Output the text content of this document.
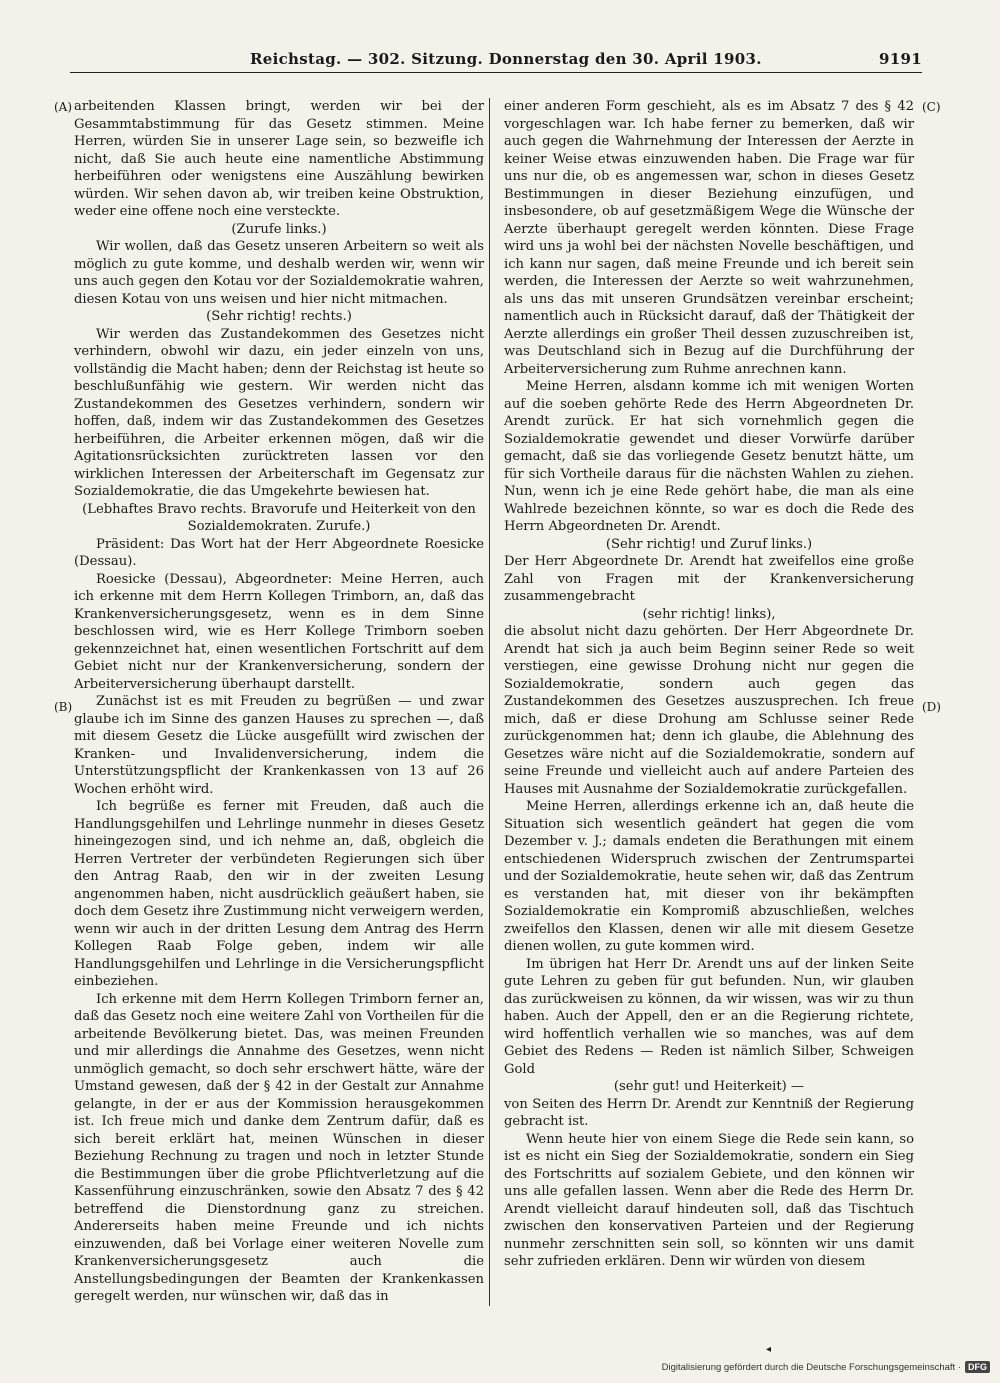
Reichstag. — 302. Sitzung. Donnerstag den 30. April 1903.	9191
(A)
(B)
(C)
(D)

arbeitenden Klassen bringt, werden wir bei der Gesammtabstimmung für das Gesetz stimmen. Meine Herren, würden Sie in unserer Lage sein, so bezweifle ich nicht, daß Sie auch heute eine namentliche Abstimmung herbeiführen oder wenigstens eine Auszählung bewirken würden. Wir sehen davon ab, wir treiben keine Obstruktion, weder eine offene noch eine versteckte.

(Zurufe links.)

Wir wollen, daß das Gesetz unseren Arbeitern so weit als möglich zu gute komme, und deshalb werden wir, wenn wir uns auch gegen den Kotau vor der Sozialdemokratie wahren, diesen Kotau von uns weisen und hier nicht mitmachen.

(Sehr richtig! rechts.)

Wir werden das Zustandekommen des Gesetzes nicht verhindern, obwohl wir dazu, ein jeder einzeln von uns, vollständig die Macht haben; denn der Reichstag ist heute so beschlußunfähig wie gestern. Wir werden nicht das Zustandekommen des Gesetzes verhindern, sondern wir hoffen, daß, indem wir das Zustandekommen des Gesetzes herbeiführen, die Arbeiter erkennen mögen, daß wir die Agitationsrücksichten zurücktreten lassen vor den wirklichen Interessen der Arbeiterschaft im Gegensatz zur Sozialdemokratie, die das Umgekehrte bewiesen hat.

(Lebhaftes Bravo rechts. Bravorufe und Heiterkeit von den Sozialdemokraten. Zurufe.)

Präsident: Das Wort hat der Herr Abgeordnete Roesicke (Dessau).

Roesicke (Dessau), Abgeordneter: Meine Herren, auch ich erkenne mit dem Herrn Kollegen Trimborn, an, daß das Krankenversicherungsgesetz, wenn es in dem Sinne beschlossen wird, wie es Herr Kollege Trimborn soeben gekennzeichnet hat, einen wesentlichen Fortschritt auf dem Gebiet nicht nur der Krankenversicherung, sondern der Arbeiterversicherung überhaupt darstellt.

Zunächst ist es mit Freuden zu begrüßen — und zwar glaube ich im Sinne des ganzen Hauses zu sprechen —, daß mit diesem Gesetz die Lücke ausgefüllt wird zwischen der Kranken- und Invalidenversicherung, indem die Unterstützungspflicht der Krankenkassen von 13 auf 26 Wochen erhöht wird.

Ich begrüße es ferner mit Freuden, daß auch die Handlungsgehilfen und Lehrlinge nunmehr in dieses Gesetz hineingezogen sind, und ich nehme an, daß, obgleich die Herren Vertreter der verbündeten Regierungen sich über den Antrag Raab, den wir in der zweiten Lesung angenommen haben, nicht ausdrücklich geäußert haben, sie doch dem Gesetz ihre Zustimmung nicht verweigern werden, wenn wir auch in der dritten Lesung dem Antrag des Herrn Kollegen Raab Folge geben, indem wir alle Handlungsgehilfen und Lehrlinge in die Versicherungspflicht einbeziehen.

Ich erkenne mit dem Herrn Kollegen Trimborn ferner an, daß das Gesetz noch eine weitere Zahl von Vortheilen für die arbeitende Bevölkerung bietet. Das, was meinen Freunden und mir allerdings die Annahme des Gesetzes, wenn nicht unmöglich gemacht, so doch sehr erschwert hätte, wäre der Umstand gewesen, daß der § 42 in der Gestalt zur Annahme gelangte, in der er aus der Kommission herausgekommen ist. Ich freue mich und danke dem Zentrum dafür, daß es sich bereit erklärt hat, meinen Wünschen in dieser Beziehung Rechnung zu tragen und noch in letzter Stunde die Bestimmungen über die grobe Pflichtverletzung auf die Kassenführung einzuschränken, sowie den Absatz 7 des § 42 betreffend die Dienstordnung ganz zu streichen. Andererseits haben meine Freunde und ich nichts einzuwenden, daß bei Vorlage einer weiteren Novelle zum Krankenversicherungsgesetz auch die Anstellungsbedingungen der Beamten der Krankenkassen geregelt werden, nur wünschen wir, daß das in

einer anderen Form geschieht, als es im Absatz 7 des § 42 vorgeschlagen war. Ich habe ferner zu bemerken, daß wir auch gegen die Wahrnehmung der Interessen der Aerzte in keiner Weise etwas einzuwenden haben. Die Frage war für uns nur die, ob es angemessen war, schon in dieses Gesetz Bestimmungen in dieser Beziehung einzufügen, und insbesondere, ob auf gesetzmäßigem Wege die Wünsche der Aerzte überhaupt geregelt werden könnten. Diese Frage wird uns ja wohl bei der nächsten Novelle beschäftigen, und ich kann nur sagen, daß meine Freunde und ich bereit sein werden, die Interessen der Aerzte so weit wahrzunehmen, als uns das mit unseren Grundsätzen vereinbar erscheint; namentlich auch in Rücksicht darauf, daß der Thätigkeit der Aerzte allerdings ein großer Theil dessen zuzuschreiben ist, was Deutschland sich in Bezug auf die Durchführung der Arbeiterversicherung zum Ruhme anrechnen kann.

Meine Herren, alsdann komme ich mit wenigen Worten auf die soeben gehörte Rede des Herrn Abgeordneten Dr. Arendt zurück. Er hat sich vornehmlich gegen die Sozialdemokratie gewendet und dieser Vorwürfe darüber gemacht, daß sie das vorliegende Gesetz benutzt hätte, um für sich Vortheile daraus für die nächsten Wahlen zu ziehen. Nun, wenn ich je eine Rede gehört habe, die man als eine Wahlrede bezeichnen könnte, so war es doch die Rede des Herrn Abgeordneten Dr. Arendt.

(Sehr richtig! und Zuruf links.)

Der Herr Abgeordnete Dr. Arendt hat zweifellos eine große Zahl von Fragen mit der Krankenversicherung zusammengebracht

(sehr richtig! links),

die absolut nicht dazu gehörten. Der Herr Abgeordnete Dr. Arendt hat sich ja auch beim Beginn seiner Rede so weit verstiegen, eine gewisse Drohung nicht nur gegen die Sozialdemokratie, sondern auch gegen das Zustandekommen des Gesetzes auszusprechen. Ich freue mich, daß er diese Drohung am Schlusse seiner Rede zurückgenommen hat; denn ich glaube, die Ablehnung des Gesetzes wäre nicht auf die Sozialdemokratie, sondern auf seine Freunde und vielleicht auch auf andere Parteien des Hauses mit Ausnahme der Sozialdemokratie zurückgefallen.

Meine Herren, allerdings erkenne ich an, daß heute die Situation sich wesentlich geändert hat gegen die vom Dezember v. J.; damals endeten die Berathungen mit einem entschiedenen Widerspruch zwischen der Zentrumspartei und der Sozialdemokratie, heute sehen wir, daß das Zentrum es verstanden hat, mit dieser von ihr bekämpften Sozialdemokratie ein Kompromiß abzuschließen, welches zweifellos den Klassen, denen wir alle mit diesem Gesetze dienen wollen, zu gute kommen wird.

Im übrigen hat Herr Dr. Arendt uns auf der linken Seite gute Lehren zu geben für gut befunden. Nun, wir glauben das zurückweisen zu können, da wir wissen, was wir zu thun haben. Auch der Appell, den er an die Regierung richtete, wird hoffentlich verhallen wie so manches, was auf dem Gebiet des Redens — Reden ist nämlich Silber, Schweigen Gold

(sehr gut! und Heiterkeit) —

von Seiten des Herrn Dr. Arendt zur Kenntniß der Regierung gebracht ist.

Wenn heute hier von einem Siege die Rede sein kann, so ist es nicht ein Sieg der Sozialdemokratie, sondern ein Sieg des Fortschritts auf sozialem Gebiete, und den können wir uns alle gefallen lassen. Wenn aber die Rede des Herrn Dr. Arendt vielleicht darauf hindeuten soll, daß das Tischtuch zwischen den konservativen Parteien und der Regierung nunmehr zerschnitten sein soll, so könnten wir uns damit sehr zufrieden erklären. Denn wir würden von diesem

◂
Digitalisierung gefördert durch die Deutsche Forschungsgemeinschaft · DFG
